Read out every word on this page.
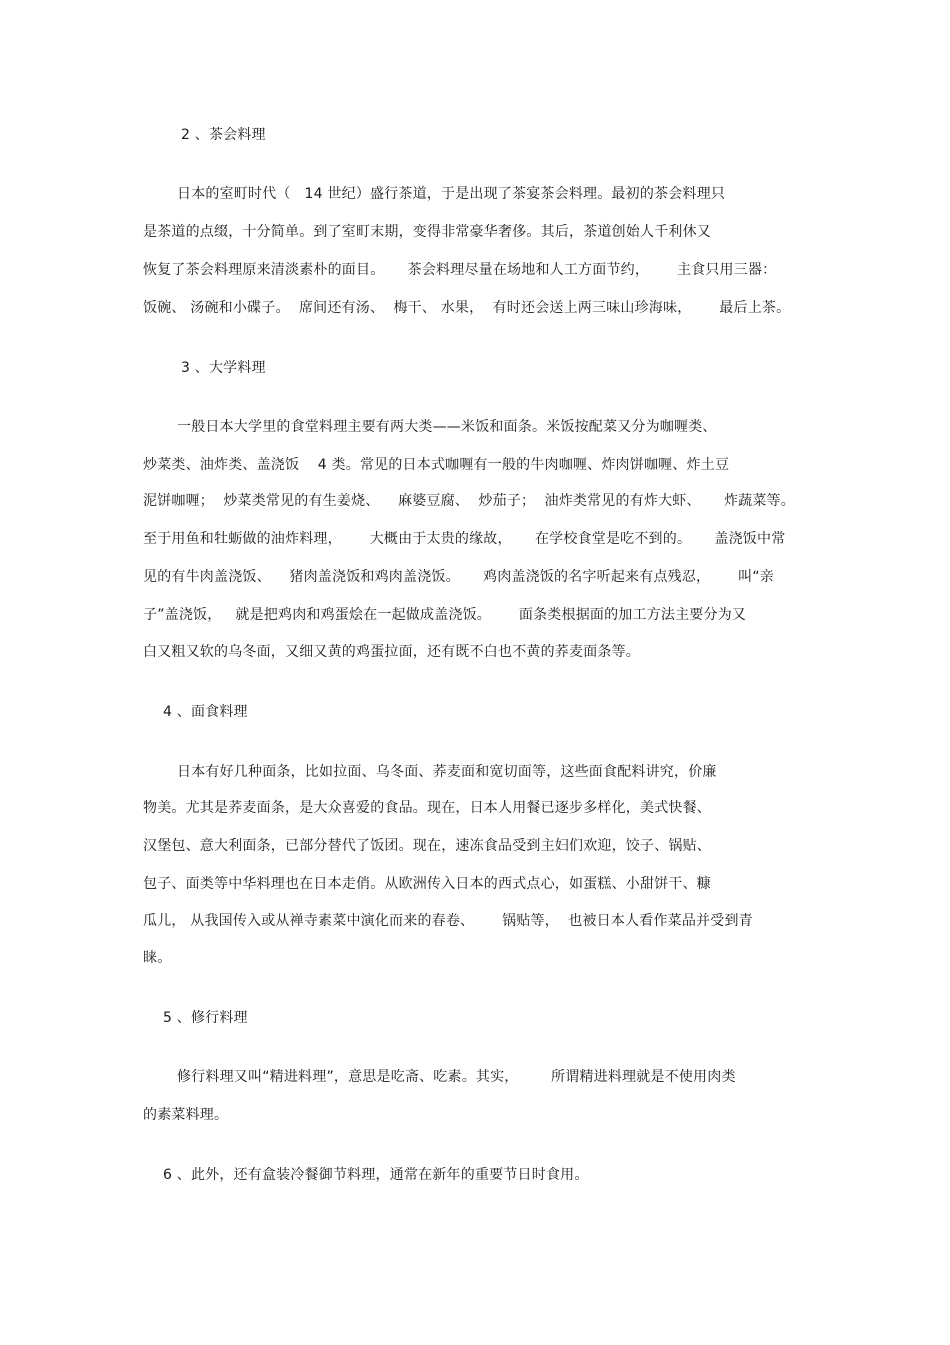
2 、茶会料理
日本的室町时代（   14 世纪）盛行茶道，于是出现了茶宴茶会料理。最初的茶会料理只
是茶道的点缀，十分简单。到了室町末期，变得非常豪华奢侈。其后，茶道创始人千利休又
恢复了茶会料理原来清淡素朴的面目。     茶会料理尽量在场地和人工方面节约，      主食只用三器：
饭碗、 汤碗和小碟子。  席间还有汤、  梅干、 水果，  有时还会送上两三味山珍海味，      最后上茶。
3 、大学料理
一般日本大学里的食堂料理主要有两大类——米饭和面条。米饭按配菜又分为咖喱类、
炒菜类、油炸类、盖浇饭    4 类。常见的日本式咖喱有一般的牛肉咖喱、炸肉饼咖喱、炸土豆
泥饼咖喱；  炒菜类常见的有生姜烧、    麻婆豆腐、  炒茄子；  油炸类常见的有炸大虾、     炸蔬菜等。
至于用鱼和牡蛎做的油炸料理，      大概由于太贵的缘故，     在学校食堂是吃不到的。     盖浇饭中常
见的有牛肉盖浇饭、    猪肉盖浇饭和鸡肉盖浇饭。     鸡肉盖浇饭的名字听起来有点残忍，      叫“亲
子”盖浇饭，   就是把鸡肉和鸡蛋烩在一起做成盖浇饭。      面条类根据面的加工方法主要分为又
白又粗又软的乌冬面，又细又黄的鸡蛋拉面，还有既不白也不黄的荞麦面条等。
4 、面食料理
日本有好几种面条，比如拉面、乌冬面、荞麦面和宽切面等，这些面食配料讲究，价廉
物美。尤其是荞麦面条，是大众喜爱的食品。现在，日本人用餐已逐步多样化，美式快餐、
汉堡包、意大利面条，已部分替代了饭团。现在，速冻食品受到主妇们欢迎，饺子、锅贴、
包子、面类等中华料理也在日本走俏。从欧洲传入日本的西式点心，如蛋糕、小甜饼干、糠
瓜儿， 从我国传入或从禅寺素菜中演化而来的春卷、      锅贴等，  也被日本人看作菜品并受到青
睐。
5 、修行料理
修行料理又叫“精进料理”，意思是吃斋、吃素。其实，       所谓精进料理就是不使用肉类
的素菜料理。
6 、此外，还有盒装冷餐御节料理，通常在新年的重要节日时食用。
